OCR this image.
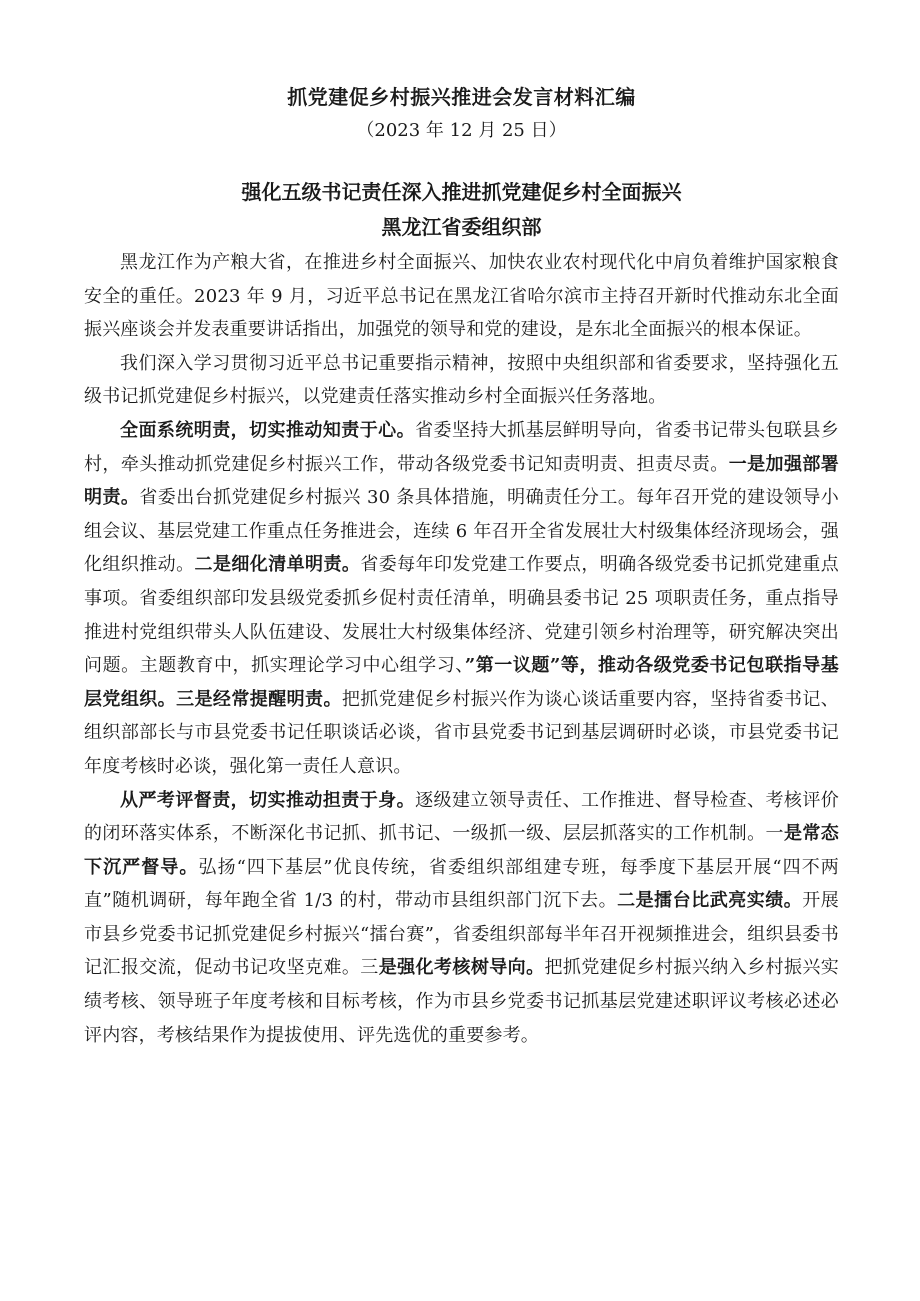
抓党建促乡村振兴推进会发言材料汇编
（2023 年 12 月 25 日）
强化五级书记责任深入推进抓党建促乡村全面振兴
黑龙江省委组织部

黑龙江作为产粮大省，在推进乡村全面振兴、加快农业农村现代化中肩负着维护国家粮食安全的重任。2023 年 9 月，习近平总书记在黑龙江省哈尔滨市主持召开新时代推动东北全面振兴座谈会并发表重要讲话指出，加强党的领导和党的建设，是东北全面振兴的根本保证。

我们深入学习贯彻习近平总书记重要指示精神，按照中央组织部和省委要求，坚持强化五级书记抓党建促乡村振兴，以党建责任落实推动乡村全面振兴任务落地。

全面系统明责，切实推动知责于心。省委坚持大抓基层鲜明导向，省委书记带头包联县乡村，牵头推动抓党建促乡村振兴工作，带动各级党委书记知责明责、担责尽责。一是加强部署明责。省委出台抓党建促乡村振兴 30 条具体措施，明确责任分工。每年召开党的建设领导小组会议、基层党建工作重点任务推进会，连续 6 年召开全省发展壮大村级集体经济现场会，强化组织推动。二是细化清单明责。省委每年印发党建工作要点，明确各级党委书记抓党建重点事项。省委组织部印发县级党委抓乡促村责任清单，明确县委书记 25 项职责任务，重点指导推进村党组织带头人队伍建设、发展壮大村级集体经济、党建引领乡村治理等，研究解决突出问题。主题教育中，抓实理论学习中心组学习、”第一议题”等，推动各级党委书记包联指导基层党组织。三是经常提醒明责。把抓党建促乡村振兴作为谈心谈话重要内容，坚持省委书记、组织部部长与市县党委书记任职谈话必谈，省市县党委书记到基层调研时必谈，市县党委书记年度考核时必谈，强化第一责任人意识。

从严考评督责，切实推动担责于身。逐级建立领导责任、工作推进、督导检查、考核评价的闭环落实体系，不断深化书记抓、抓书记、一级抓一级、层层抓落实的工作机制。一是常态下沉严督导。弘扬“四下基层”优良传统，省委组织部组建专班，每季度下基层开展“四不两直”随机调研，每年跑全省 1/3 的村，带动市县组织部门沉下去。二是擂台比武亮实绩。开展市县乡党委书记抓党建促乡村振兴“擂台赛”，省委组织部每半年召开视频推进会，组织县委书记汇报交流，促动书记攻坚克难。三是强化考核树导向。把抓党建促乡村振兴纳入乡村振兴实绩考核、领导班子年度考核和目标考核，作为市县乡党委书记抓基层党建述职评议考核必述必评内容，考核结果作为提拔使用、评先选优的重要参考。
